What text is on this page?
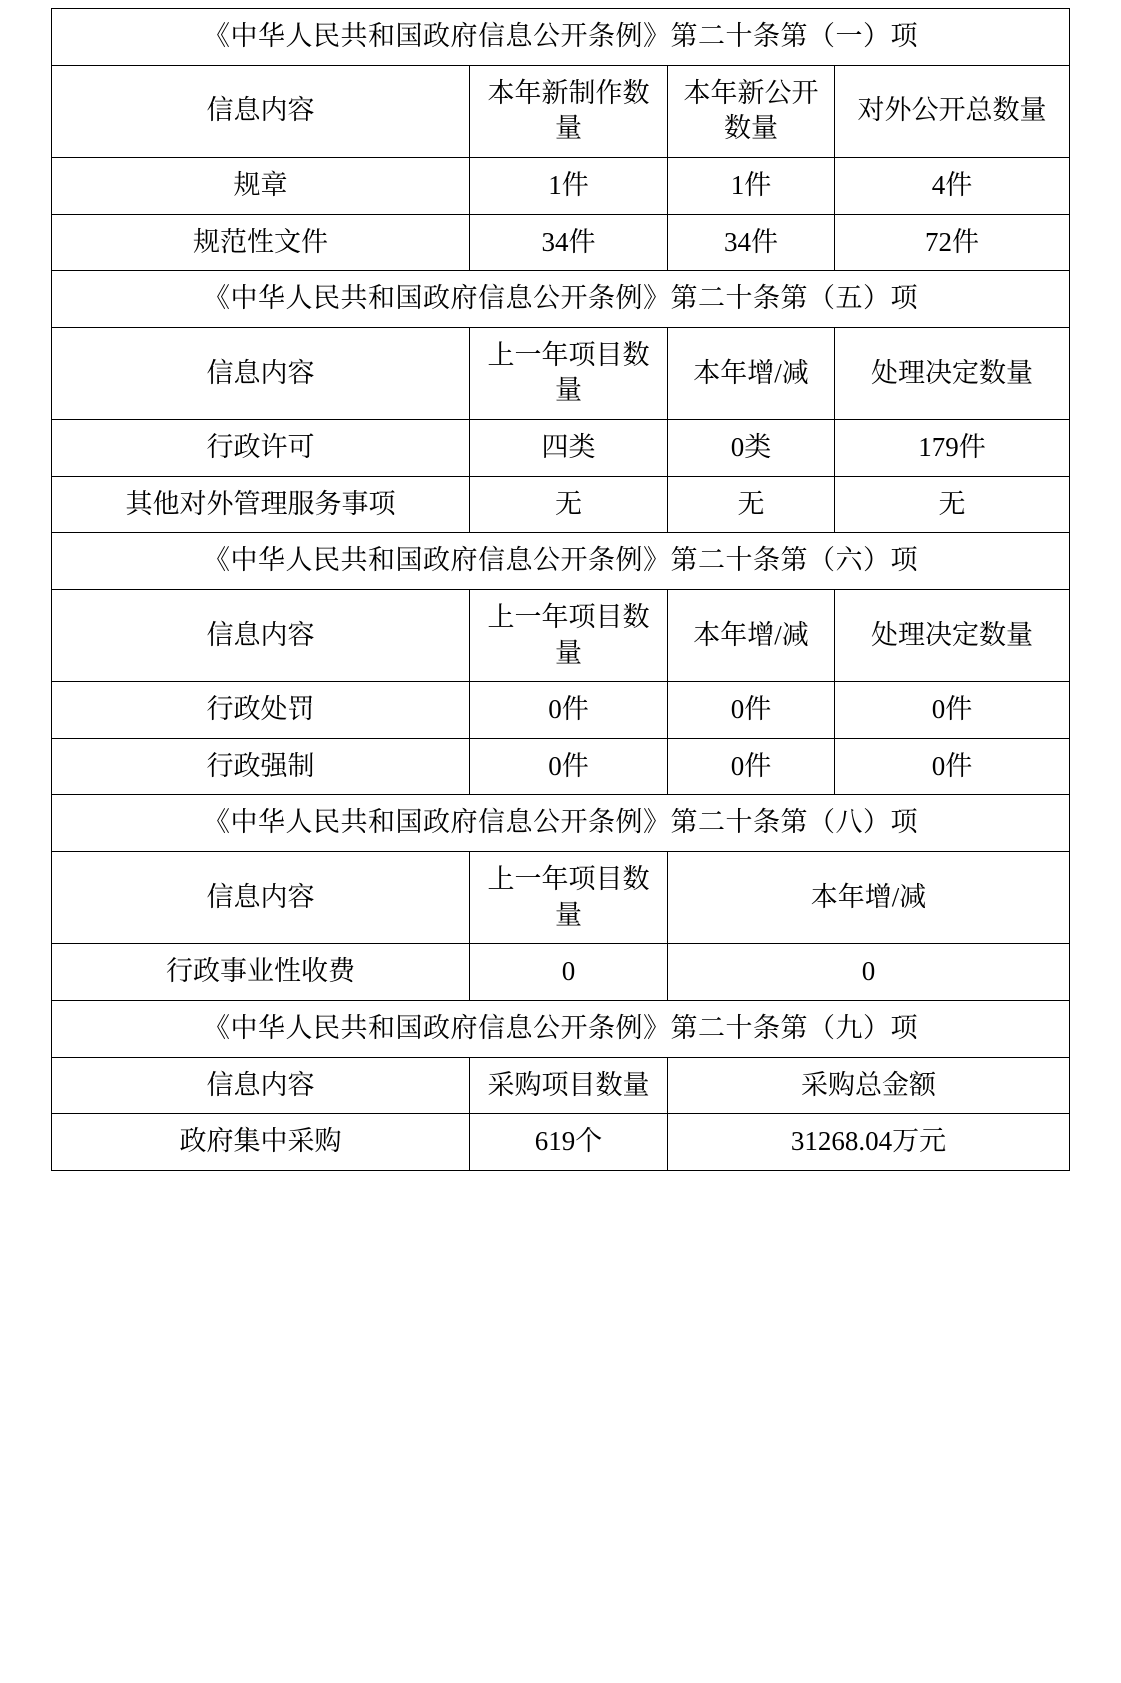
《中华人民共和国政府信息公开条例》第二十条第（一）项			
信息内容	本年新制作数量	本年新公开数量	对外公开总数量
规章	1件	1件	4件
规范性文件	34件	34件	72件
《中华人民共和国政府信息公开条例》第二十条第（五）项			
信息内容	上一年项目数量	本年增/减	处理决定数量
行政许可	四类	0类	179件
其他对外管理服务事项	无	无	无
《中华人民共和国政府信息公开条例》第二十条第（六）项			
信息内容	上一年项目数量	本年增/减	处理决定数量
行政处罚	0件	0件	0件
行政强制	0件	0件	0件
《中华人民共和国政府信息公开条例》第二十条第（八）项			
信息内容	上一年项目数量	本年增/减	
行政事业性收费	0	0	
《中华人民共和国政府信息公开条例》第二十条第（九）项			
信息内容	采购项目数量	采购总金额	
政府集中采购	619个	31268.04万元	
